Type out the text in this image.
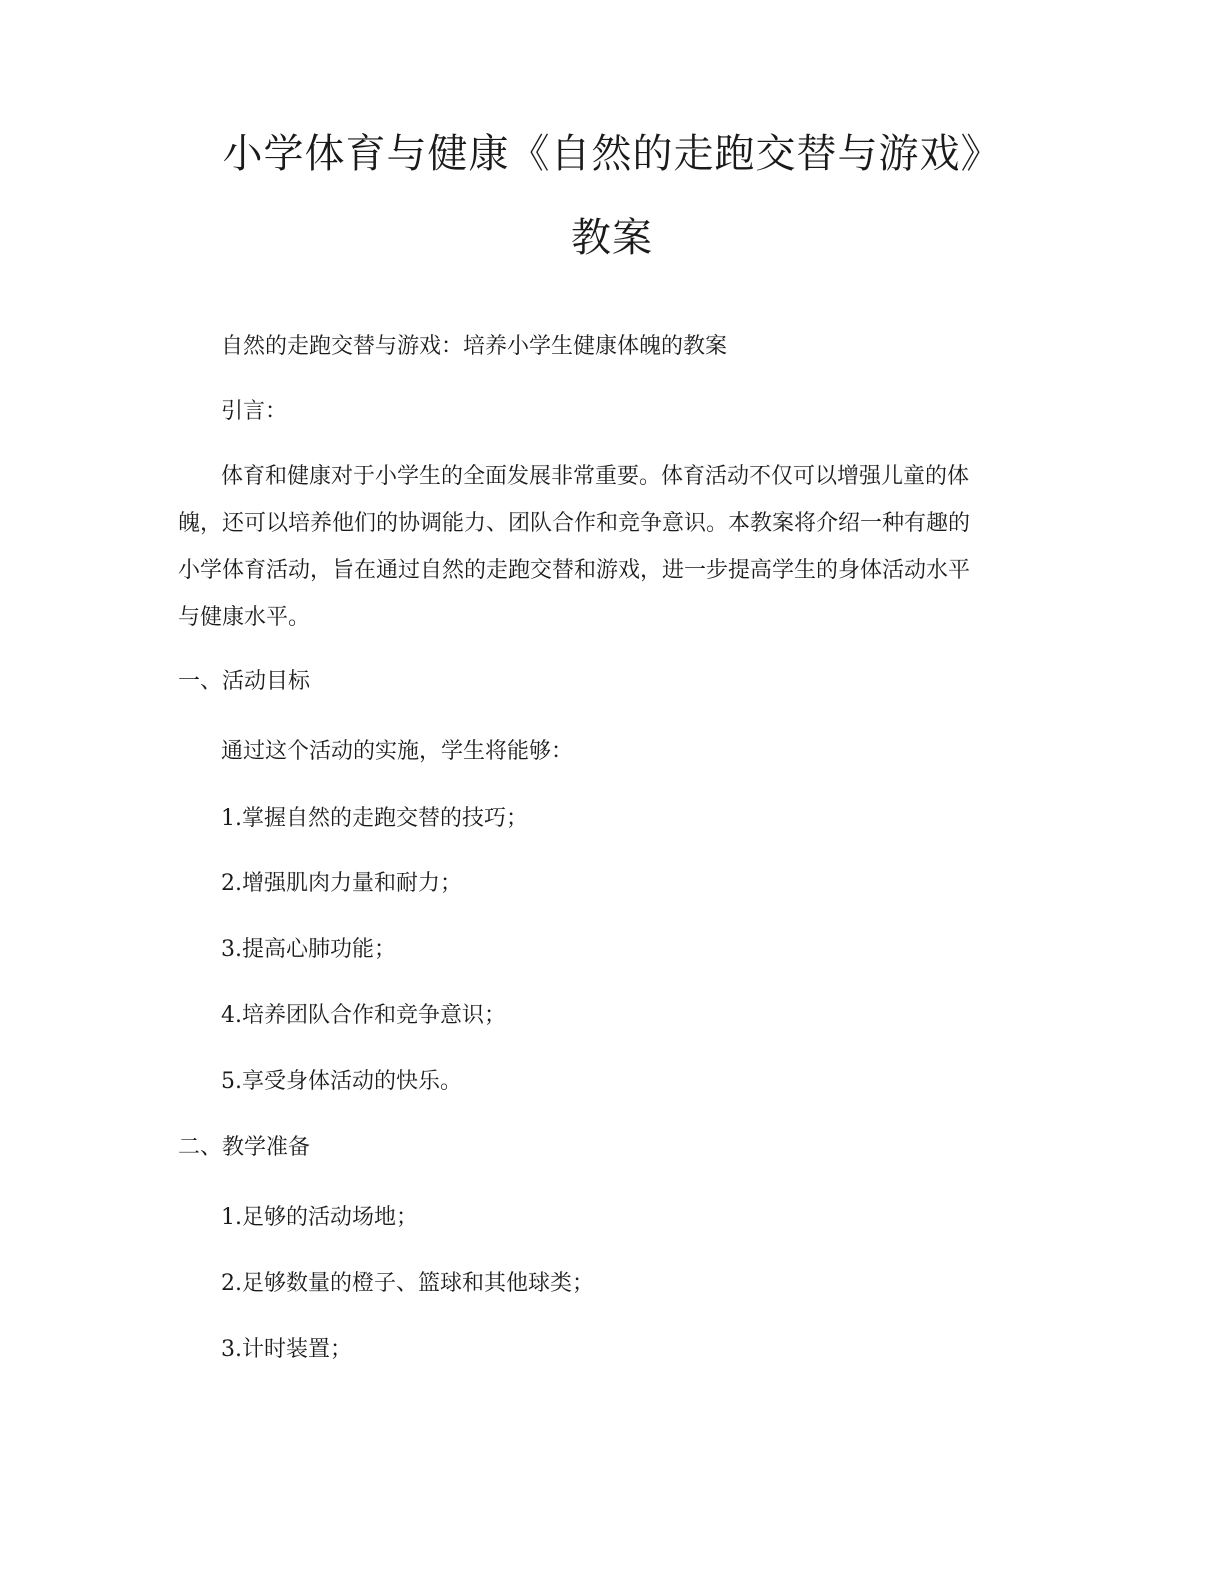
小学体育与健康《自然的走跑交替与游戏》
教案
自然的走跑交替与游戏：培养小学生健康体魄的教案
引言：
体育和健康对于小学生的全面发展非常重要。体育活动不仅可以增强儿童的体
魄，还可以培养他们的协调能力、团队合作和竞争意识。本教案将介绍一种有趣的
小学体育活动，旨在通过自然的走跑交替和游戏，进一步提高学生的身体活动水平
与健康水平。
一、活动目标
通过这个活动的实施，学生将能够：
1.掌握自然的走跑交替的技巧；
2.增强肌肉力量和耐力；
3.提高心肺功能；
4.培养团队合作和竞争意识；
5.享受身体活动的快乐。
二、教学准备
1.足够的活动场地；
2.足够数量的橙子、篮球和其他球类；
3.计时装置；
